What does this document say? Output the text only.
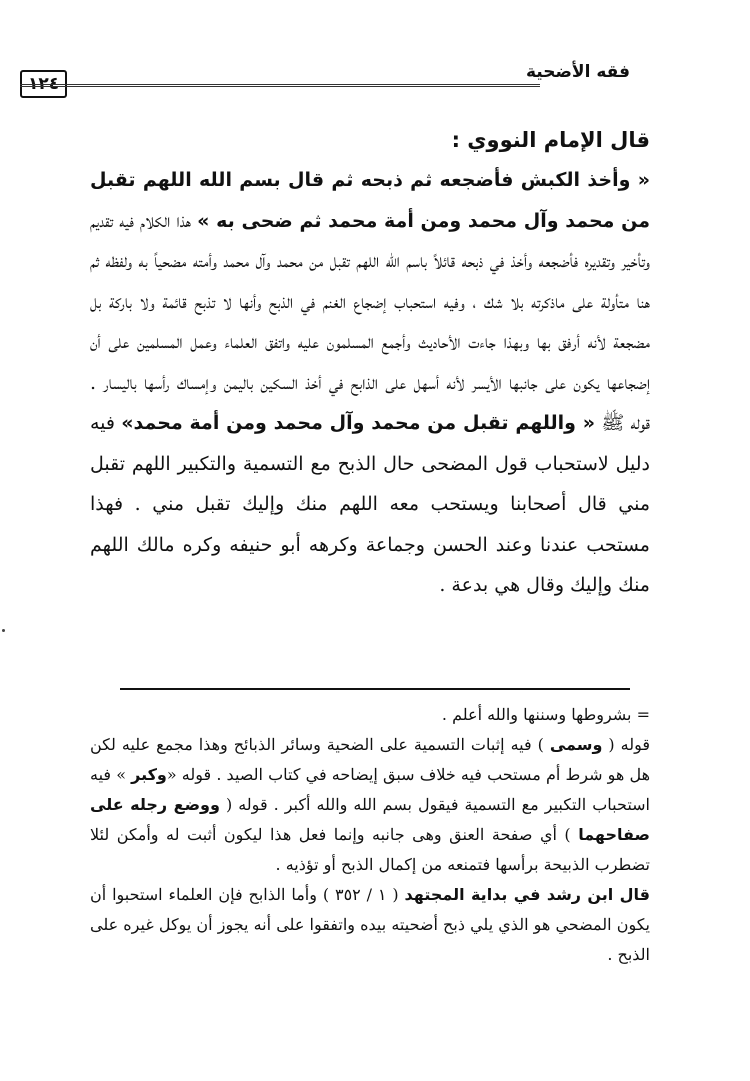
١٢٤
فقه الأضحية
قال الإمام النووي :
« وأخذ الكبش فأضجعه ثم ذبحه ثم قال بسم الله اللهم تقبل من محمد وآل محمد ومن أمة محمد ثم ضحى به » هذا الكلام فيه تقديم وتأخير وتقديره فأضجعه وأخذ في ذبحه قائلاً باسم الله اللهم تقبل من محمد وآل محمد وأمته مضحياً به ولفظه ثم هنا متأولة على ماذكرته بلا شك ، وفيه استحباب إضجاع الغنم في الذبح وأنها لا تذبح قائمة ولا باركة بل مضجعة لأنه أرفق بها وبهذا جاءت الأحاديث وأجمع المسلمون عليه واتفق العلماء وعمل المسلمين على أن إضجاعها يكون على جانبها الأيسر لأنه أسهل على الذابح في أخذ السكين باليمن وإمساك رأسها باليسار . قوله ﷺ « واللهم تقبل من محمد وآل محمد ومن أمة محمد» فيه دليل لاستحباب قول المضحى حال الذبح مع التسمية والتكبير اللهم تقبل مني قال أصحابنا ويستحب معه اللهم منك وإليك تقبل مني . فهذا مستحب عندنا وعند الحسن وجماعة وكرهه أبو حنيفه وكره مالك اللهم منك وإليك وقال هي بدعة .
= بشروطها وسننها والله أعلم .
قوله ( وسمى ) فيه إثبات التسمية على الضحية وسائر الذبائح وهذا مجمع عليه لكن هل هو شرط أم مستحب فيه خلاف سبق إيضاحه في كتاب الصيد . قوله «وكبر » فيه استحباب التكبير مع التسمية فيقول بسم الله والله أكبر . قوله ( ووضع رجله على صفاحهما ) أي صفحة العنق وهى جانبه وإنما فعل هذا ليكون أثبت له وأمكن لئلا تضطرب الذبيحة برأسها فتمنعه من إكمال الذبح أو تؤذيه .
قال ابن رشد في بداية المجتهد ( ١ / ٣٥٢ ) وأما الذابح فإن العلماء استحبوا أن يكون المضحي هو الذي يلي ذبح أضحيته بيده واتفقوا على أنه يجوز أن يوكل غيره على الذبح .
